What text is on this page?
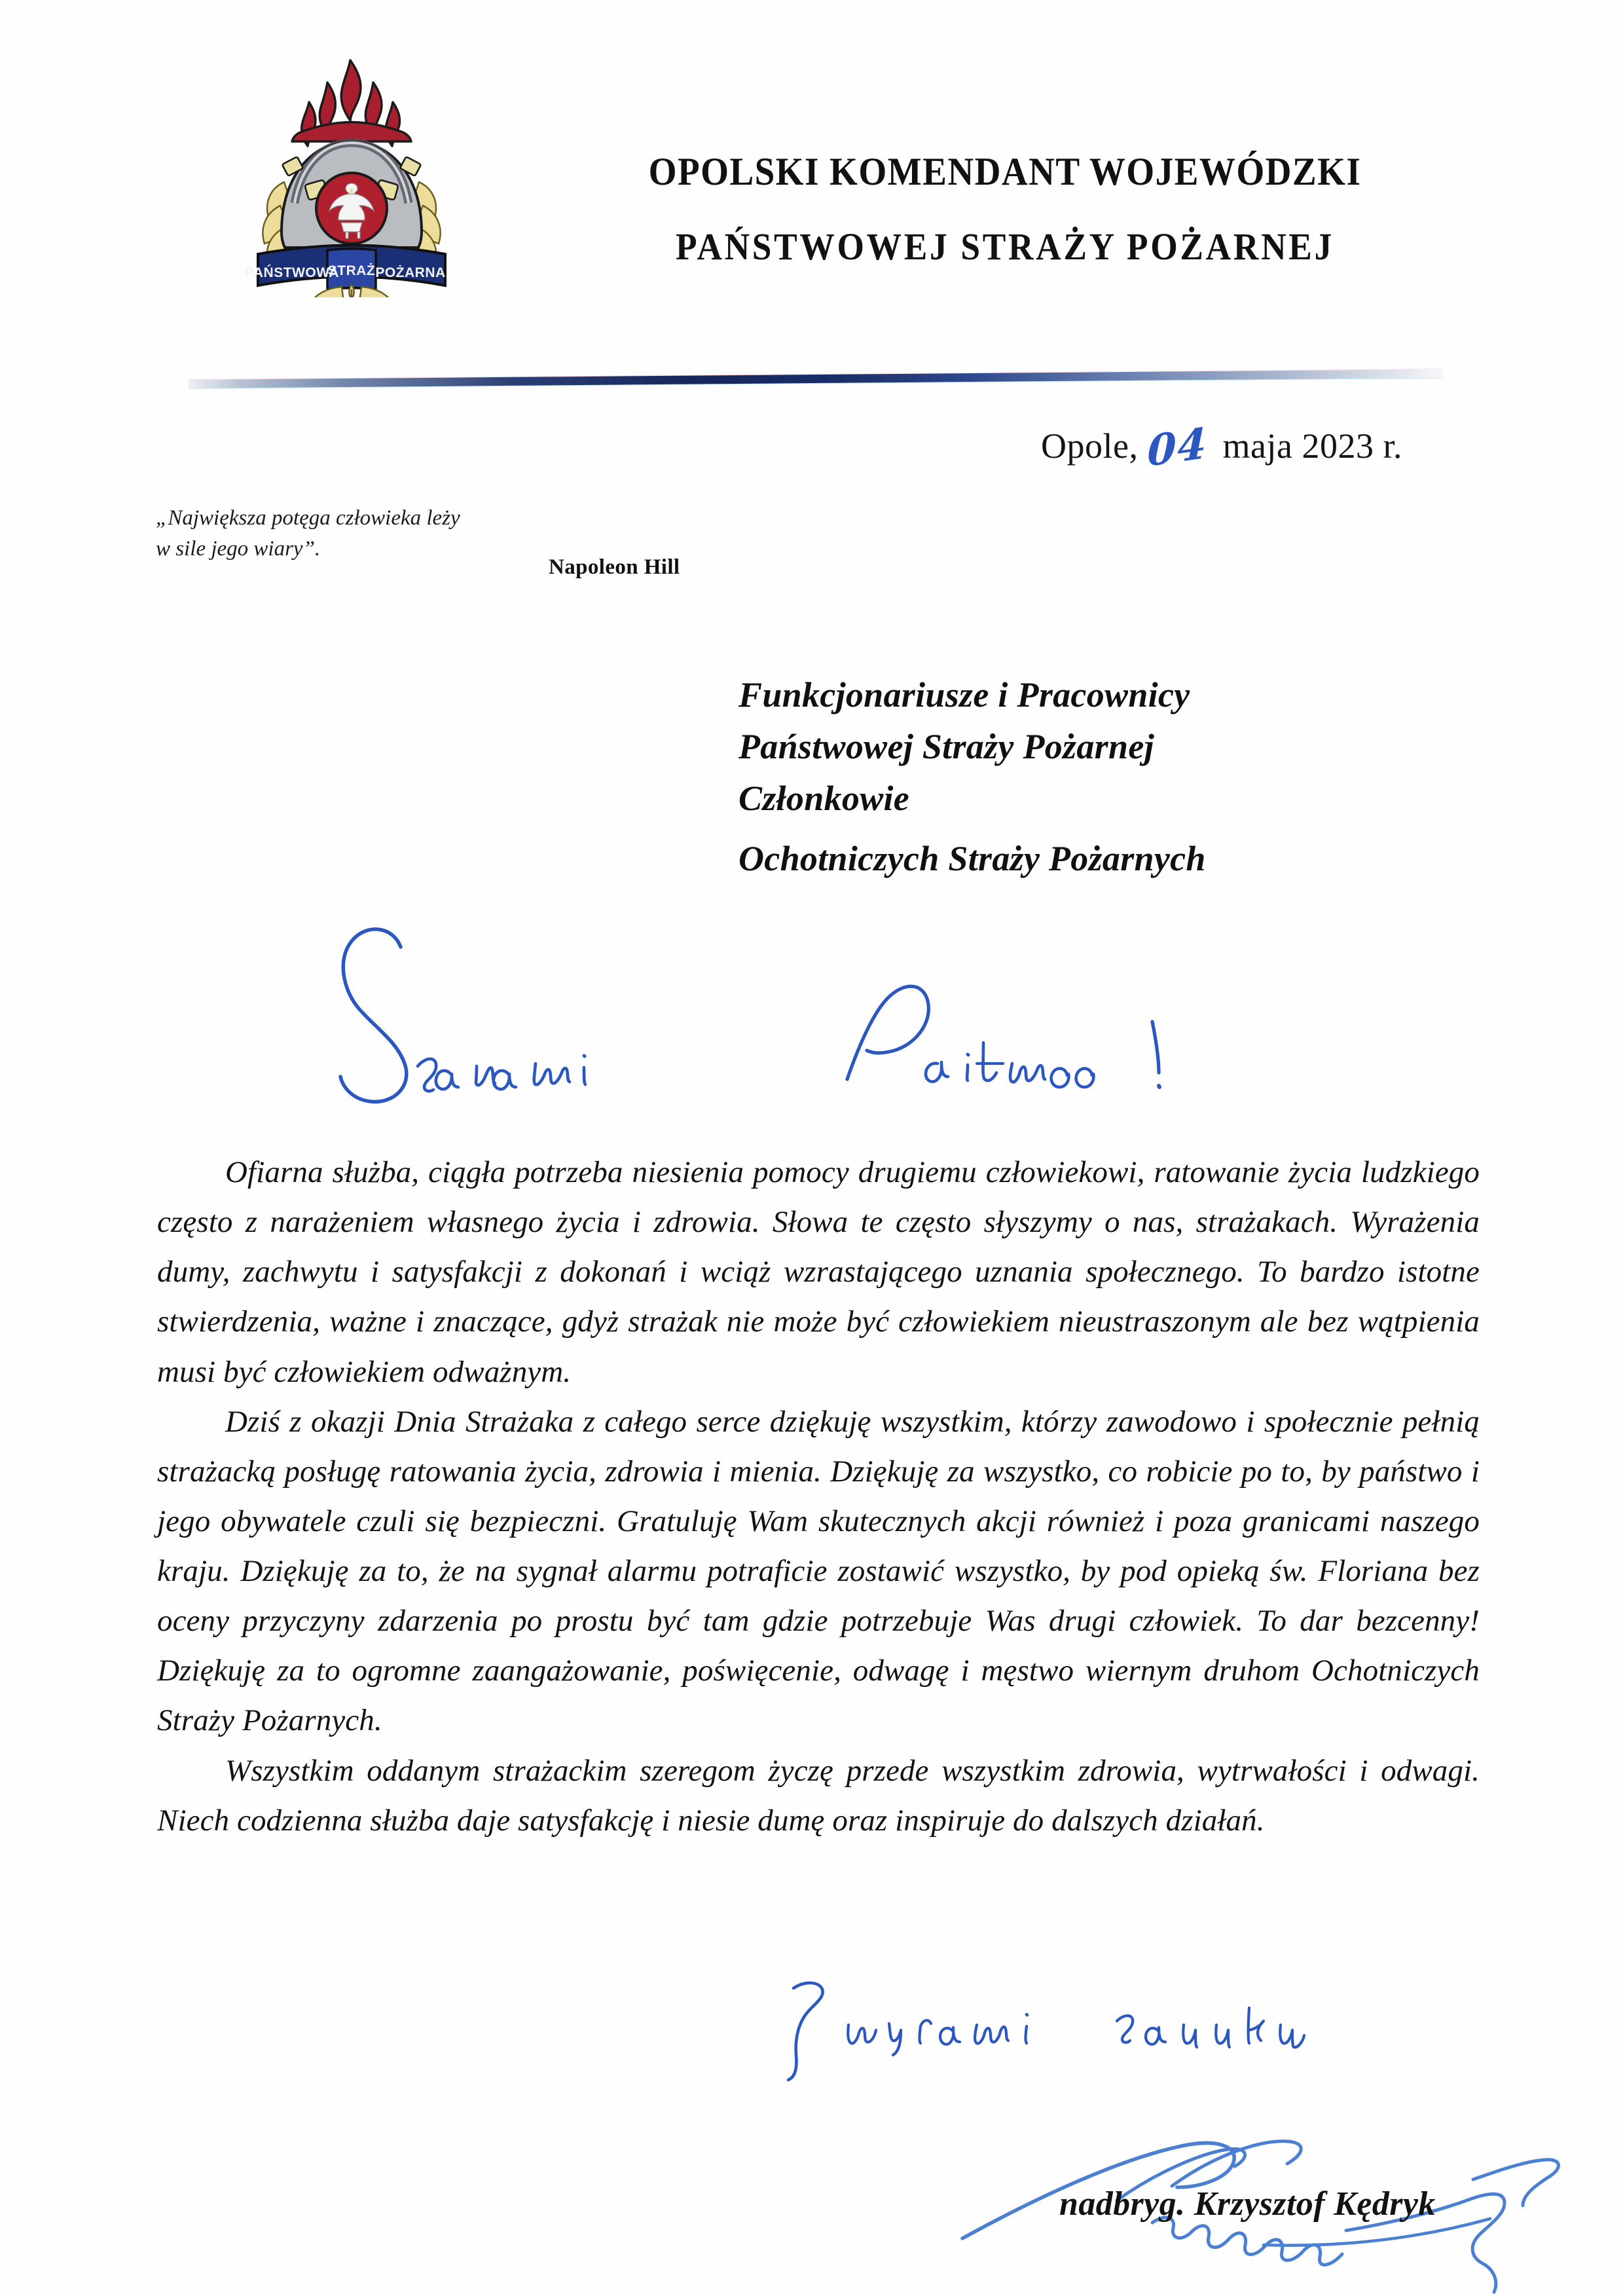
PAŃSTWOWA
STRAŻ POŻARNA
OPOLSKI KOMENDANT WOJEWÓDZKI
PAŃSTWOWEJ STRAŻY POŻARNEJ
Opole, 04 maja 2023 r.
„Największa potęga człowieka leży
w sile jego wiary”.
Napoleon Hill
Funkcjonariusze i Pracownicy
Państwowej Straży Pożarnej
Członkowie
Ochotniczych Straży Pożarnych

Ofiarna służba, ciągła potrzeba niesienia pomocy drugiemu człowiekowi, ratowanie życia ludzkiego często z narażeniem własnego życia i zdrowia. Słowa te często słyszymy o nas, strażakach. Wyrażenia dumy, zachwytu i satysfakcji z dokonań i wciąż wzrastającego uznania społecznego. To bardzo istotne stwierdzenia, ważne i znaczące, gdyż strażak nie może być człowiekiem nieustraszonym ale bez wątpienia musi być człowiekiem odważnym.

Dziś z okazji Dnia Strażaka z całego serce dziękuję wszystkim, którzy zawodowo i społecznie pełnią strażacką posługę ratowania życia, zdrowia i mienia. Dziękuję za wszystko, co robicie po to, by państwo i jego obywatele czuli się bezpieczni. Gratuluję Wam skutecznych akcji również i poza granicami naszego kraju. Dziękuję za to, że na sygnał alarmu potraficie zostawić wszystko, by pod opieką św. Floriana bez oceny przyczyny zdarzenia po prostu być tam gdzie potrzebuje Was drugi człowiek. To dar bezcenny! Dziękuję za to ogromne zaangażowanie, poświęcenie, odwagę i męstwo wiernym druhom Ochotniczych Straży Pożarnych.

Wszystkim oddanym strażackim szeregom życzę przede wszystkim zdrowia, wytrwałości i odwagi. Niech codzienna służba daje satysfakcję i niesie dumę oraz inspiruje do dalszych działań.

nadbryg. Krzysztof Kędryk
